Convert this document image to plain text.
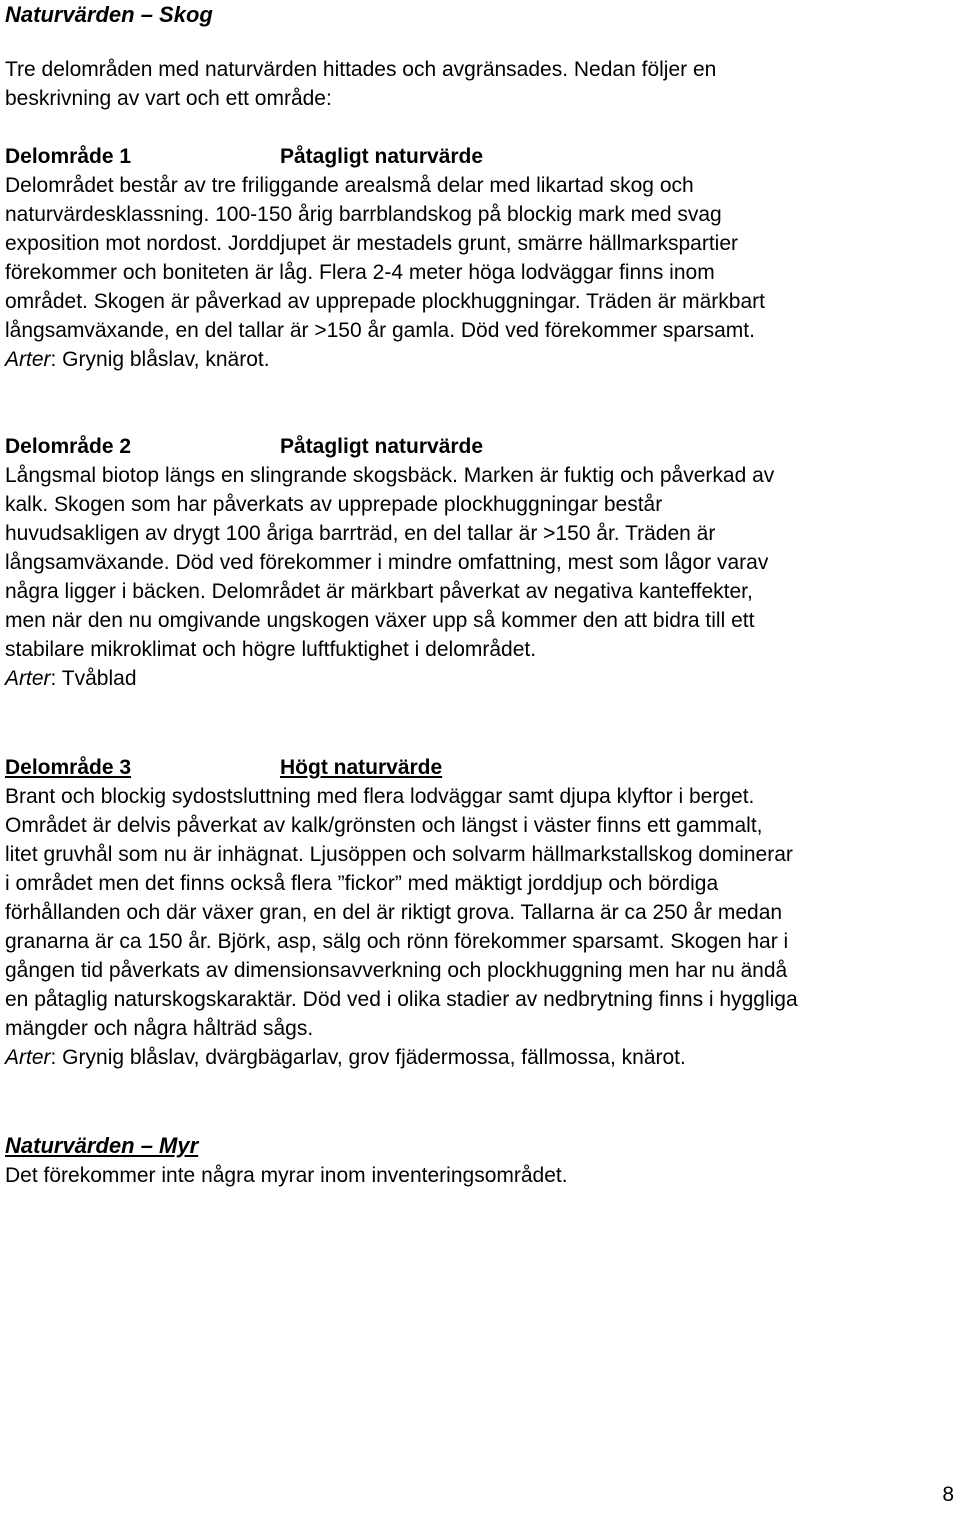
Naturvärden – Skog

Tre delområden med naturvärden hittades och avgränsades. Nedan följer en
beskrivning av vart och ett område:

Delområde 1	Påtagligt naturvärde

Delområdet består av tre friliggande arealsmå delar med likartad skog och
naturvärdesklassning. 100-150 årig barrblandskog på blockig mark med svag
exposition mot nordost. Jorddjupet är mestadels grunt, smärre hällmarkspartier
förekommer och boniteten är låg. Flera 2-4 meter höga lodväggar finns inom
området. Skogen är påverkad av upprepade plockhuggningar. Träden är märkbart
långsamväxande, en del tallar är >150 år gamla. Död ved förekommer sparsamt.
Arter: Grynig blåslav, knärot.

Delområde 2	Påtagligt naturvärde

Långsmal biotop längs en slingrande skogsbäck. Marken är fuktig och påverkad av
kalk. Skogen som har påverkats av upprepade plockhuggningar består
huvudsakligen av drygt 100 åriga barrträd, en del tallar är >150 år. Träden är
långsamväxande. Död ved förekommer i mindre omfattning, mest som lågor varav
några ligger i bäcken. Delområdet är märkbart påverkat av negativa kanteffekter,
men när den nu omgivande ungskogen växer upp så kommer den att bidra till ett
stabilare mikroklimat och högre luftfuktighet i delområdet.
Arter: Tvåblad

Delområde 3	Högt naturvärde

Brant och blockig sydostsluttning med flera lodväggar samt djupa klyftor i berget.
Området är delvis påverkat av kalk/grönsten och längst i väster finns ett gammalt,
litet gruvhål som nu är inhägnat. Ljusöppen och solvarm hällmarkstallskog dominerar
i området men det finns också flera ”fickor” med mäktigt jorddjup och bördiga
förhållanden och där växer gran, en del är riktigt grova. Tallarna är ca 250 år medan
granarna är ca 150 år. Björk, asp, sälg och rönn förekommer sparsamt. Skogen har i
gången tid påverkats av dimensionsavverkning och plockhuggning men har nu ändå
en påtaglig naturskogskaraktär. Död ved i olika stadier av nedbrytning finns i hyggliga
mängder och några hålträd sågs.
Arter: Grynig blåslav, dvärgbägarlav, grov fjädermossa, fällmossa, knärot.

Naturvärden – Myr

Det förekommer inte några myrar inom inventeringsområdet.

8
